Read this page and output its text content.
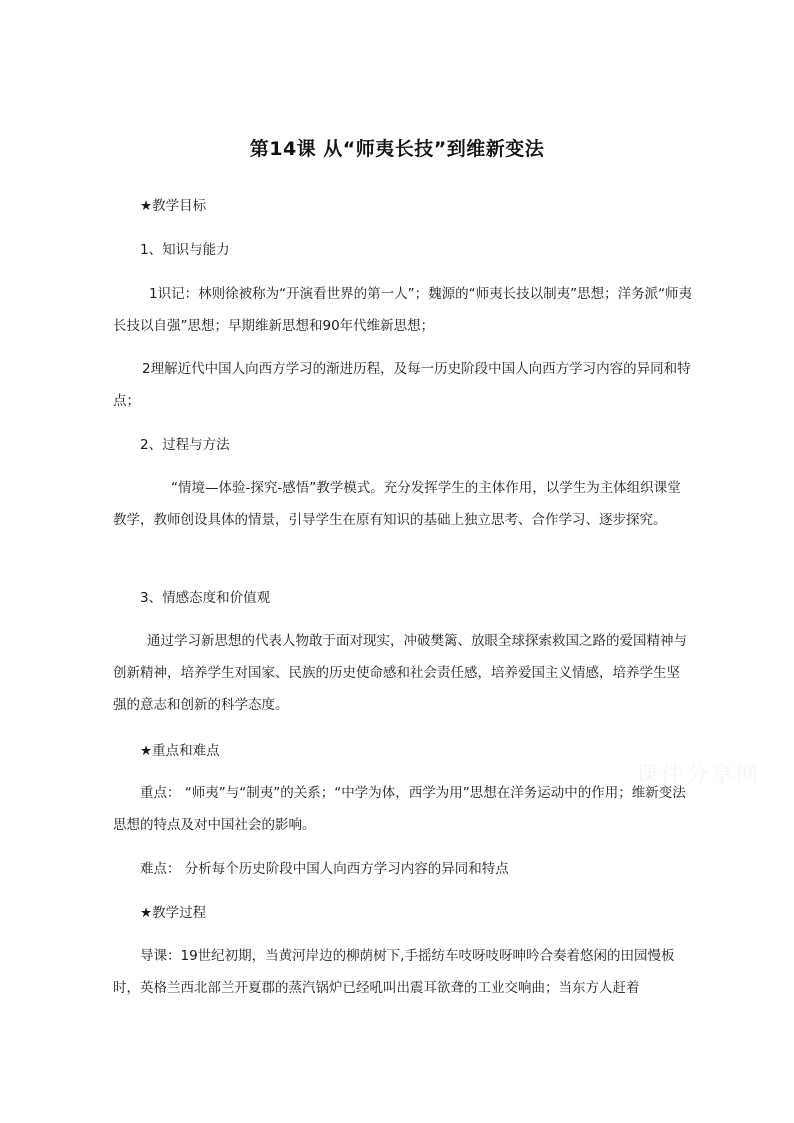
第14课 从“师夷长技”到维新变法
★教学目标
1、知识与能力
1识记：林则徐被称为“开演看世界的第一人”；魏源的“师夷长技以制夷”思想；洋务派“师夷长技以自强”思想；早期维新思想和90年代维新思想；
2理解近代中国人向西方学习的渐进历程，及每一历史阶段中国人向西方学习内容的异同和特点；
2、过程与方法
“情境—体验-探究-感悟”教学模式。充分发挥学生的主体作用，以学生为主体组织课堂教学，教师创设具体的情景，引导学生在原有知识的基础上独立思考、合作学习、逐步探究。
3、情感态度和价值观
通过学习新思想的代表人物敢于面对现实，冲破樊篱、放眼全球探索救国之路的爱国精神与创新精神，培养学生对国家、民族的历史使命感和社会责任感，培养爱国主义情感，培养学生坚强的意志和创新的科学态度。
★重点和难点
重点： “师夷”与“制夷”的关系；“中学为体，西学为用”思想在洋务运动中的作用；维新变法思想的特点及对中国社会的影响。
难点： 分析每个历史阶段中国人向西方学习内容的异同和特点
★教学过程
导课：19世纪初期，当黄河岸边的柳荫树下,手摇纺车吱呀吱呀呻吟合奏着悠闲的田园慢板时，英格兰西北部兰开夏郡的蒸汽锅炉已经吼叫出震耳欲聋的工业交响曲；当东方人赶着
课件分享网
